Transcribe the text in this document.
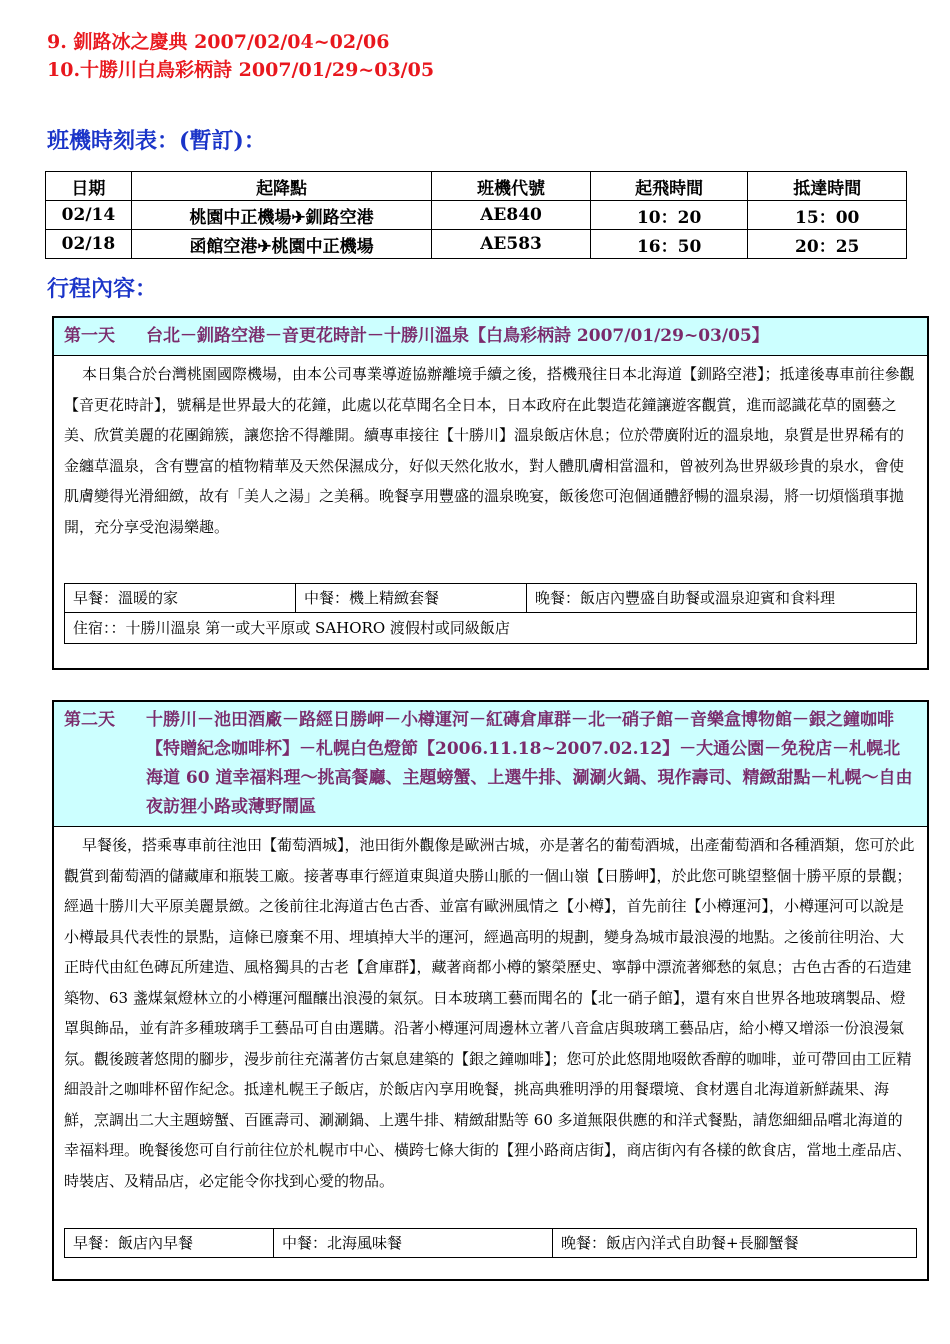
9. 釧路冰之慶典 2007/02/04~02/06
10.十勝川白鳥彩柄詩 2007/01/29~03/05
班機時刻表：(暫訂)：
日期	起降點	班機代號	起飛時間	抵達時間
02/14	桃園中正機場✈釧路空港	AE840	10：20	15：00
02/18	函館空港✈桃園中正機場	AE583	16：50	20：25
行程內容：
第一天	台北－釧路空港－音更花時計－十勝川溫泉【白鳥彩柄詩 2007/01/29~03/05】
本日集合於台灣桃園國際機場，由本公司專業導遊協辦離境手續之後，搭機飛往日本北海道【釧路空港】；抵達後專車前往參觀【音更花時計】，號稱是世界最大的花鐘，此處以花草聞名全日本，日本政府在此製造花鐘讓遊客觀賞，進而認識花草的園藝之美、欣賞美麗的花團錦簇，讓您捨不得離開。續專車接往【十勝川】溫泉飯店休息；位於帶廣附近的溫泉地，泉質是世界稀有的金纏草溫泉，含有豐富的植物精華及天然保濕成分，好似天然化妝水，對人體肌膚相當溫和，曾被列為世界級珍貴的泉水，會使肌膚變得光滑細緻，故有「美人之湯」之美稱。晚餐享用豐盛的溫泉晚宴，飯後您可泡個通體舒暢的溫泉湯，將一切煩惱瑣事拋開，充分享受泡湯樂趣。
早餐：溫暖的家	中餐：機上精緻套餐	晚餐：飯店內豐盛自助餐或溫泉迎賓和食料理
住宿：：十勝川溫泉 第一或大平原或 SAHORO 渡假村或同級飯店
第二天	十勝川－池田酒廠－路經日勝岬－小樽運河－紅磚倉庫群－北一硝子館－音樂盒博物館－銀之鐘咖啡【特贈紀念咖啡杯】－札幌白色燈節【2006.11.18~2007.02.12】－大通公園－免稅店－札幌北海道 60 道幸福料理～挑高餐廳、主題螃蟹、上選牛排、涮涮火鍋、現作壽司、精緻甜點－札幌～自由夜訪狸小路或薄野鬧區
早餐後，搭乘專車前往池田【葡萄酒城】，池田街外觀像是歐洲古城，亦是著名的葡萄酒城，出產葡萄酒和各種酒類，您可於此觀賞到葡萄酒的儲藏庫和瓶裝工廠。接著專車行經道東與道央勝山脈的一個山嶺【日勝岬】，於此您可眺望整個十勝平原的景觀；經過十勝川大平原美麗景緻。之後前往北海道古色古香、並富有歐洲風情之【小樽】，首先前往【小樽運河】，小樽運河可以說是小樽最具代表性的景點，這條已廢棄不用、埋填掉大半的運河，經過高明的規劃，變身為城市最浪漫的地點。之後前往明治、大正時代由紅色磚瓦所建造、風格獨具的古老【倉庫群】，藏著商都小樽的繁榮歷史、寧靜中漂流著鄉愁的氣息；古色古香的石造建築物、63 盞煤氣燈林立的小樽運河醞釀出浪漫的氣氛。日本玻璃工藝而聞名的【北一硝子館】，還有來自世界各地玻璃製品、燈罩與飾品，並有許多種玻璃手工藝品可自由選購。沿著小樽運河周邊林立著八音盒店與玻璃工藝品店，給小樽又增添一份浪漫氣氛。觀後踱著悠閒的腳步，漫步前往充滿著仿古氣息建築的【銀之鐘咖啡】；您可於此悠閒地啜飲香醇的咖啡，並可帶回由工匠精細設計之咖啡杯留作紀念。抵達札幌王子飯店，於飯店內享用晚餐，挑高典雅明淨的用餐環境、食材選自北海道新鮮蔬果、海鮮，烹調出二大主題螃蟹、百匯壽司、涮涮鍋、上選牛排、精緻甜點等 60 多道無限供應的和洋式餐點，請您細細品嚐北海道的幸福料理。晚餐後您可自行前往位於札幌市中心、橫跨七條大街的【狸小路商店街】，商店街內有各樣的飲食店，當地土產品店、時裝店、及精品店，必定能令你找到心愛的物品。
早餐：飯店內早餐	中餐：北海風味餐	晚餐：飯店內洋式自助餐+長腳蟹餐
